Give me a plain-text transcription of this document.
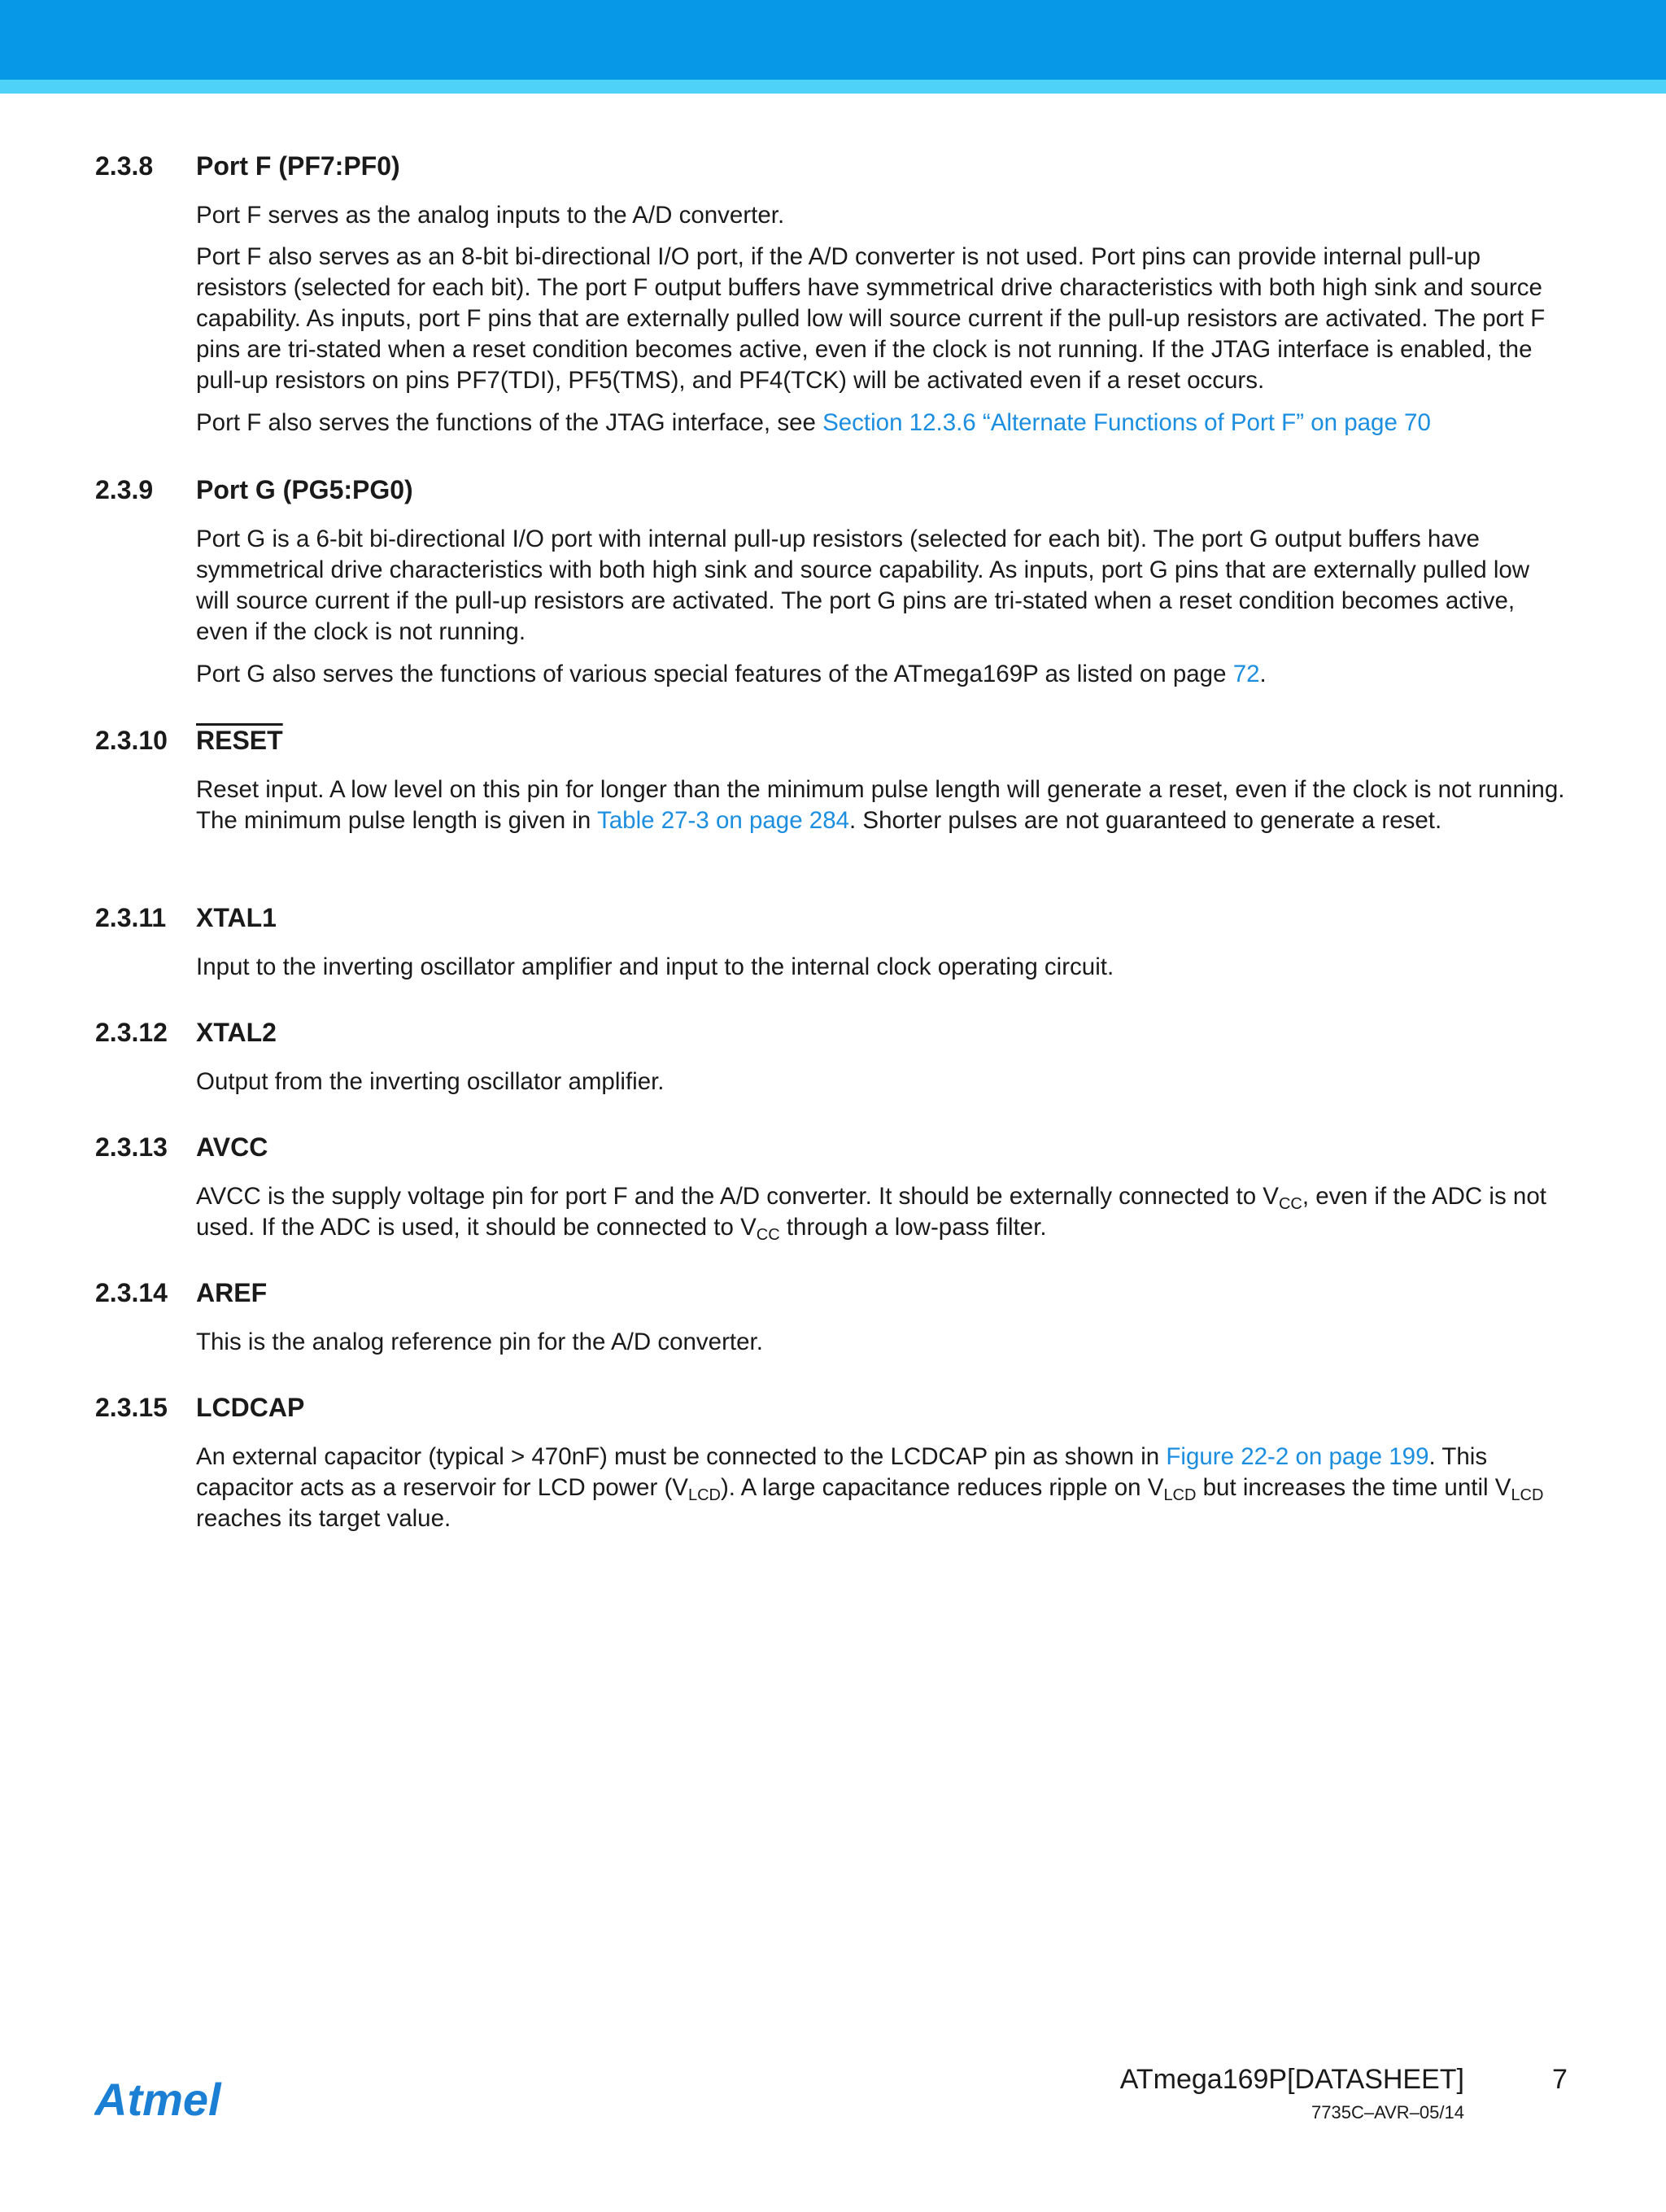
2.3.8 Port F (PF7:PF0)

Port F serves as the analog inputs to the A/D converter.

Port F also serves as an 8-bit bi-directional I/O port, if the A/D converter is not used. Port pins can provide internal pull-up resistors (selected for each bit). The port F output buffers have symmetrical drive characteristics with both high sink and source capability. As inputs, port F pins that are externally pulled low will source current if the pull-up resistors are activated. The port F pins are tri-stated when a reset condition becomes active, even if the clock is not running. If the JTAG interface is enabled, the pull-up resistors on pins PF7(TDI), PF5(TMS), and PF4(TCK) will be activated even if a reset occurs.

Port F also serves the functions of the JTAG interface, see Section 12.3.6 “Alternate Functions of Port F” on page 70

2.3.9 Port G (PG5:PG0)

Port G is a 6-bit bi-directional I/O port with internal pull-up resistors (selected for each bit). The port G output buffers have symmetrical drive characteristics with both high sink and source capability. As inputs, port G pins that are externally pulled low will source current if the pull-up resistors are activated. The port G pins are tri-stated when a reset condition becomes active, even if the clock is not running.

Port G also serves the functions of various special features of the ATmega169P as listed on page 72.

2.3.10 RESET

Reset input. A low level on this pin for longer than the minimum pulse length will generate a reset, even if the clock is not running. The minimum pulse length is given in Table 27-3 on page 284. Shorter pulses are not guaranteed to generate a reset.

2.3.11 XTAL1

Input to the inverting oscillator amplifier and input to the internal clock operating circuit.

2.3.12 XTAL2

Output from the inverting oscillator amplifier.

2.3.13 AVCC

AVCC is the supply voltage pin for port F and the A/D converter. It should be externally connected to $V_{CC}$, even if the ADC is not used. If the ADC is used, it should be connected to $V_{CC}$ through a low-pass filter.

2.3.14 AREF

This is the analog reference pin for the A/D converter.

2.3.15 LCDCAP

An external capacitor (typical > 470nF) must be connected to the LCDCAP pin as shown in Figure 22-2 on page 199. This capacitor acts as a reservoir for LCD power $(V_{LCD})$. A large capacitance reduces ripple on $V_{LCD}$ but increases the time until $V_{LCD}$ reaches its target value.

Atmel	ATmega169P[DATASHEET]	7
7735C–AVR–05/14
